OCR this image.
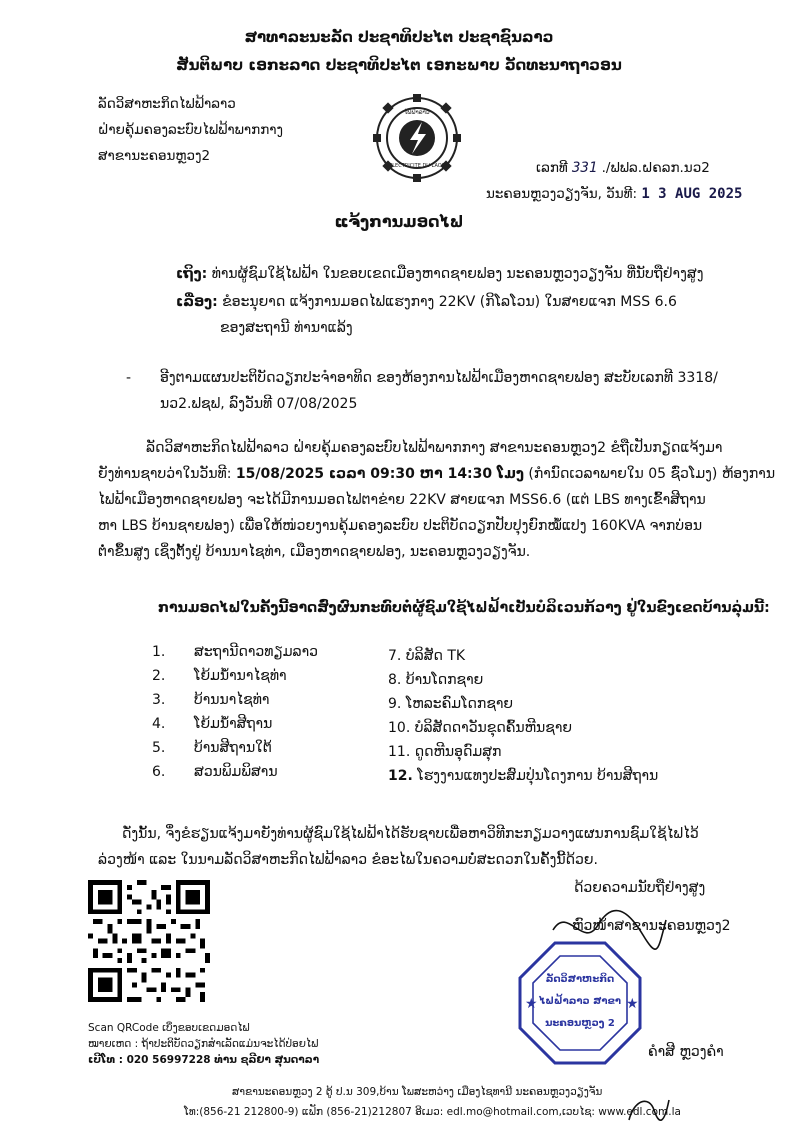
ສາທາລະນະລັດ ປະຊາທິປະໄຕ ປະຊາຊົນລາວ
ສັນຕິພາບ ເອກະລາດ ປະຊາທິປະໄຕ ເອກະພາບ ວັດທະນາຖາວອນ
ລັດວິສາຫະກິດໄຟຟ້າລາວ
ຝ່າຍຄຸ້ມຄອງລະບົບໄຟຟ້າພາກກາງ
ສາຂານະຄອນຫຼວງ2
ໄຟຟ້າລາວ
ELECTRICITE DU LAOS	ເລກທີ 331 ./ຟຟລ.ຝຄລກ.ນວ2
ນະຄອນຫຼວງວຽງຈັນ, ວັນທີ: 1 3 AUG 2025
ແຈ້ງການມອດໄຟ
ເຖິງ: ທ່ານຜູ້ຊົມໃຊ້ໄຟຟ້າ ໃນຂອບເຂດເມືອງຫາດຊາຍຟອງ ນະຄອນຫຼວງວຽງຈັນ ທີ່ນັບຖືຢ່າງສູງ
ເລື່ອງ: ຂໍອະນຸຍາດ ແຈ້ງການມອດໄຟແຮງກາງ 22KV (ກິໂລໂວນ) ໃນສາຍແຈກ MSS 6.6
ຂອງສະຖານີ ທ່ານາແລ້ງ
- ອີງຕາມແຜນປະຕິບັດວຽກປະຈໍາອາທິດ ຂອງຫ້ອງການໄຟຟ້າເມືອງຫາດຊາຍຟອງ ສະບັບເລກທີ 3318/
ນວ2.ຟຊຟ, ລົງວັນທີ 07/08/2025
ລັດວິສາຫະກິດໄຟຟ້າລາວ ຝ່າຍຄຸ້ມຄອງລະບົບໄຟຟ້າພາກກາງ ສາຂານະຄອນຫຼວງ2 ຂໍຖືເປັນກຽດແຈ້ງມາ
ຍັງທ່ານຊາບວ່າໃນວັນທີ: 15/08/2025 ເວລາ 09:30 ຫາ 14:30 ໂມງ (ກໍານົດເວລາພາຍໃນ 05 ຊົ່ວໂມງ) ຫ້ອງການ
ໄຟຟ້າເມືອງຫາດຊາຍຟອງ ຈະໄດ້ມີການມອດໄຟຕາຂ່າຍ 22KV ສາຍແຈກ MSS6.6 (ແຕ່ LBS ທາງເຂົ້າສີຖານ
ຫາ LBS ບ້ານຊາຍຟອງ) ເພື່ອໃຫ້ໜ່ວຍງານຄຸ້ມຄອງລະບົບ ປະຕິບັດວຽກປັບປຸງຍົກໝໍ້ແປງ 160KVA ຈາກບ່ອນ
ຕໍ່າຂຶ້ນສູງ ເຊິ່ງຕັ້ງຢູ່ ບ້ານນາໄຊທ່າ, ເມືອງຫາດຊາຍຟອງ, ນະຄອນຫຼວງວຽງຈັນ.
ການມອດໄຟໃນຄັ້ງນີ້ອາດສົ່ງຜົນກະທົບຕໍ່ຜູ້ຊົມໃຊ້ໄຟຟ້າເປັນບໍລິເວນກ້ວາງ ຢູ່ໃນຂົງເຂດບ້ານລຸ່ມນີ້:
1. ສະຖານີດາວທຽມລາວ
2. ໂຍ້ມນ້ຳນາໄຊທ່າ
3. ບ້ານນາໄຊທ່າ
4. ໂຍ້ມນ້ຳສີຖານ
5. ບ້ານສີຖານໃຕ້
6. ສວນພິມພິສານ
7. ບໍລິສັດ TK
8. ບ້ານໂດກຊາຍ
9. ໂຫລະຄົມໂດກຊາຍ
10. ບໍລິສັດດາວັນຂຸດຄົ້ນຫີນຊາຍ
11. ດູດຫີນອຸດົມສຸກ
12. ໂຮງງານແທງປະສົມປຸ່ນໂດງການ ບ້ານສີຖານ
ດັ່ງນັ້ນ, ຈຶ່ງຂໍຮຽນແຈ້ງມາຍັງທ່ານຜູ້ຊົມໃຊ້ໄຟຟ້າໄດ້ຮັບຊາບເພື່ອຫາວິທີກະກຽມວາງແຜນການຊົມໃຊ້ໄຟໄວ້
ລ່ວງໜ້າ ແລະ ໃນນາມລັດວິສາຫະກິດໄຟຟ້າລາວ ຂໍອະໄພໃນຄວາມບໍ່ສະດວກໃນຄັ້ງນີ້ດ້ວຍ.
Scan QRCode ເບິ່ງຂອບເຂດມອດໄຟ
ໝາຍເຫດ : ຖ້າປະຕິບັດວຽກສໍາເລັດແມ່ນຈະໄດ້ປ່ອຍໄຟ
ເບີໂທ : 020 56997228 ທ່ານ ຊລີຍາ ສຸນດາລາ
ດ້ວຍຄວາມນັບຖືຢ່າງສູງ
ຫົວໜ້າສາຂານະຄອນຫຼວງ2
ລັດວິສາຫະກິດ
ໄຟຟ້າລາວ ສາຂາ
ນະຄອນຫຼວງ 2
★	★
ຄໍາສີ ຫຼວງຄໍາ
ສາຂານະຄອນຫຼວງ 2 ຕູ້ ປ.ນ 309,ບ້ານ ໂພສະຫວ່າງ ເມືອງໄຊທານີ ນະຄອນຫຼວງວຽງຈັນ
ໂທ:(856-21 212800-9) ແຟັກ (856-21)212807 ອີເມວ: edl.mo@hotmail.com,ເວບໄຊ: www.edl.com.la
